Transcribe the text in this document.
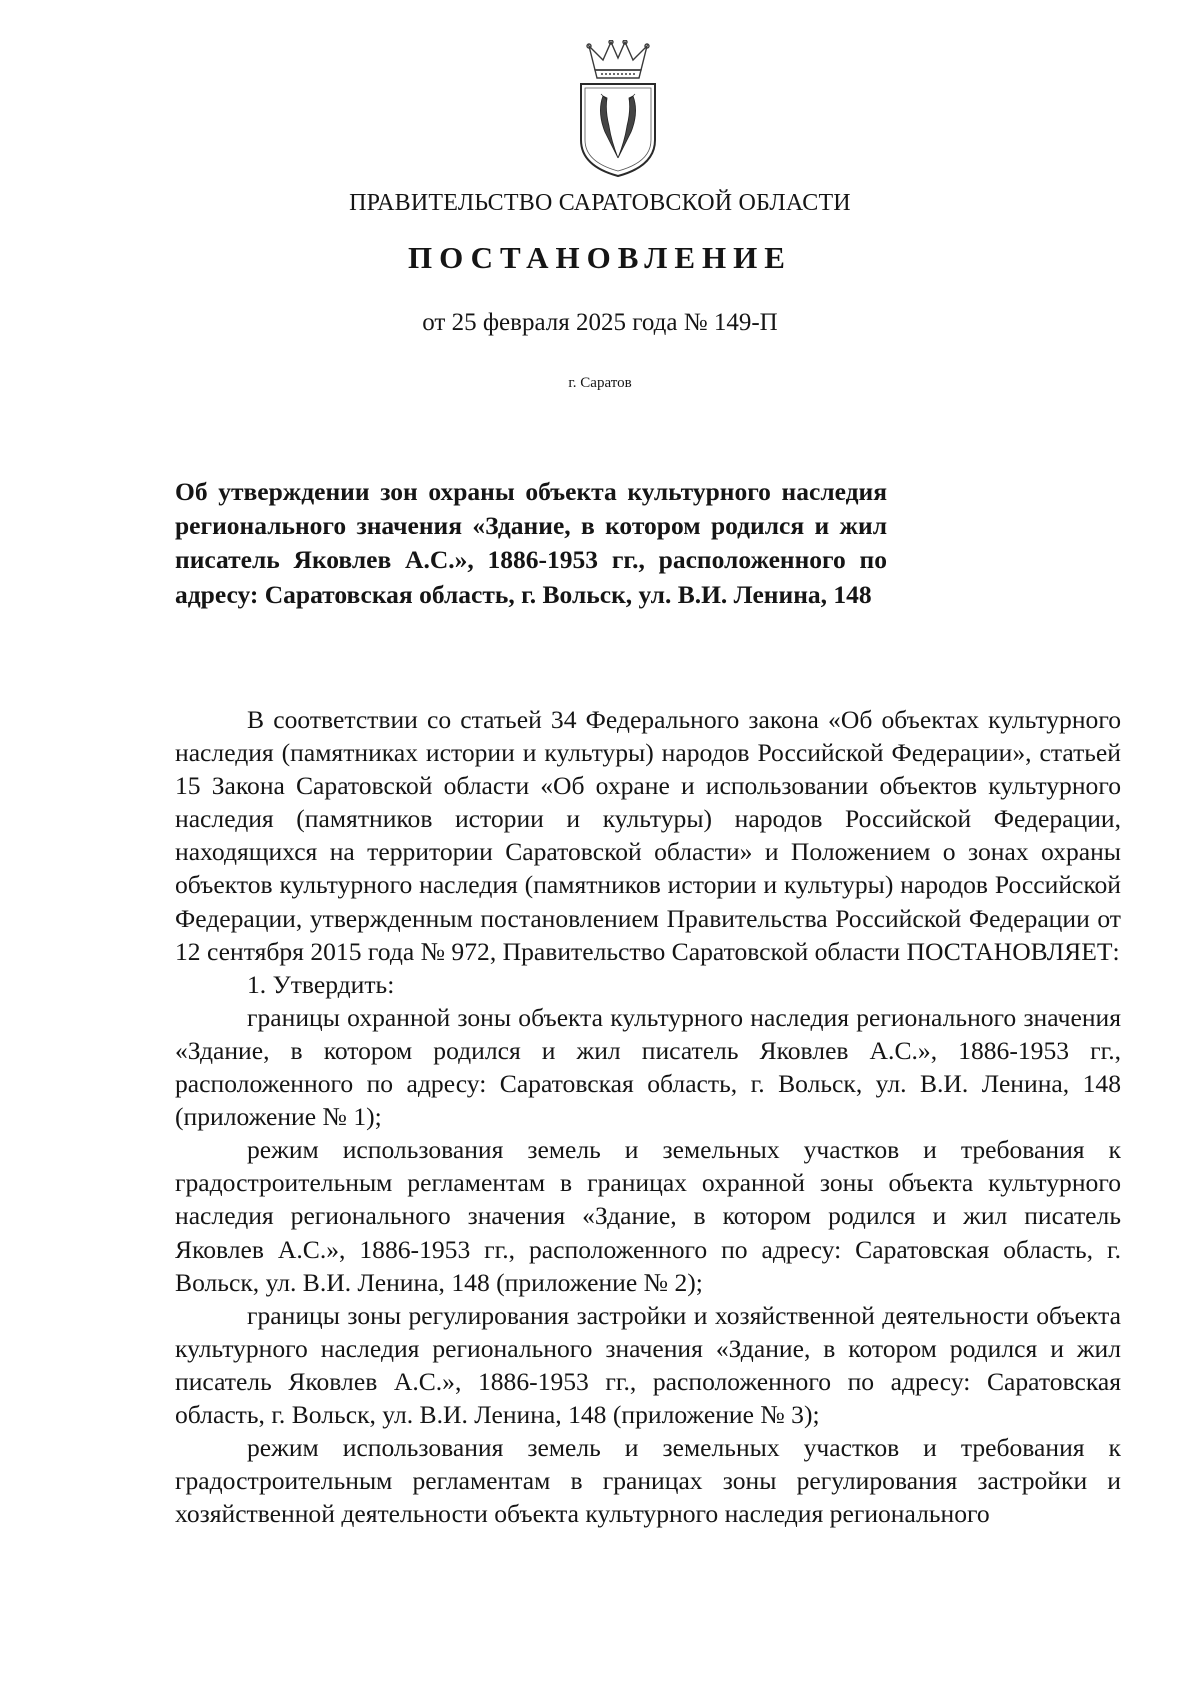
ПРАВИТЕЛЬСТВО САРАТОВСКОЙ ОБЛАСТИ
ПОСТАНОВЛЕНИЕ
от 25 февраля 2025 года № 149-П
г. Саратов
Об утверждении зон охраны объекта культурного наследия регионального значения «Здание, в котором родился и жил писатель Яковлев А.С.», 1886-1953 гг., расположенного по адресу: Саратовская область, г. Вольск, ул. В.И. Ленина, 148

В соответствии со статьей 34 Федерального закона «Об объектах культурного наследия (памятниках истории и культуры) народов Российской Федерации», статьей 15 Закона Саратовской области «Об охране и использовании объектов культурного наследия (памятников истории и культуры) народов Российской Федерации, находящихся на территории Саратовской области» и Положением о зонах охраны объектов культурного наследия (памятников истории и культуры) народов Российской Федерации, утвержденным постановлением Правительства Российской Федерации от 12 сентября 2015 года № 972, Правительство Саратовской области ПОСТАНОВЛЯЕТ:

1. Утвердить:

границы охранной зоны объекта культурного наследия регионального значения «Здание, в котором родился и жил писатель Яковлев А.С.», 1886-1953 гг., расположенного по адресу: Саратовская область, г. Вольск, ул. В.И. Ленина, 148 (приложение № 1);

режим использования земель и земельных участков и требования к градостроительным регламентам в границах охранной зоны объекта культурного наследия регионального значения «Здание, в котором родился и жил писатель Яковлев А.С.», 1886-1953 гг., расположенного по адресу: Саратовская область, г. Вольск, ул. В.И. Ленина, 148 (приложение № 2);

границы зоны регулирования застройки и хозяйственной деятельности объекта культурного наследия регионального значения «Здание, в котором родился и жил писатель Яковлев А.С.», 1886-1953 гг., расположенного по адресу: Саратовская область, г. Вольск, ул. В.И. Ленина, 148 (приложение № 3);

режим использования земель и земельных участков и требования к градостроительным регламентам в границах зоны регулирования застройки и хозяйственной деятельности объекта культурного наследия регионального
